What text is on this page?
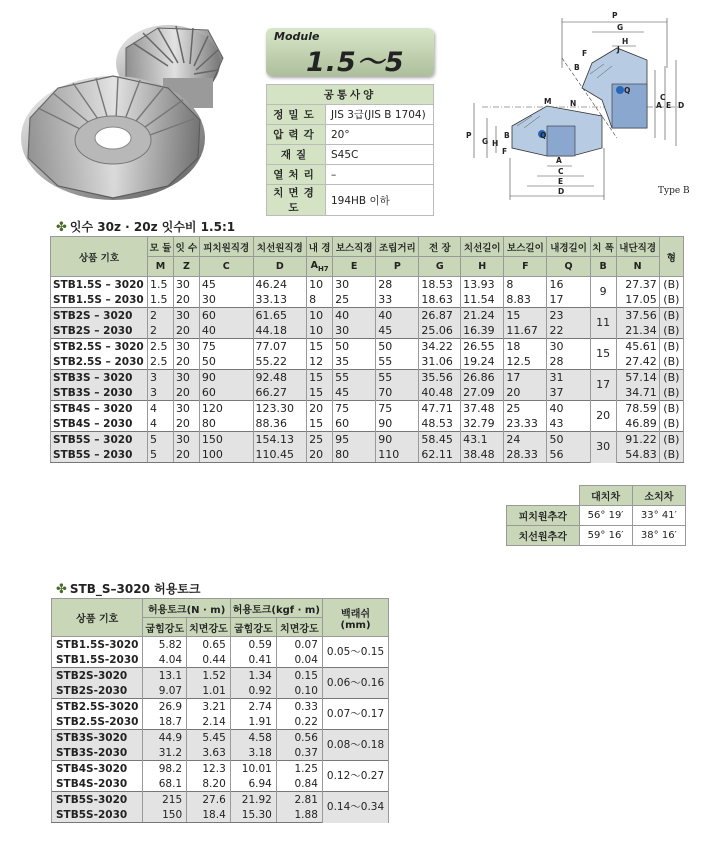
Module
1.5～5
공통사양	
정밀도	JIS 3급(JIS B 1704)
압력각	20°
재질	S45C
열처리	–
치면경도	194HB 이하
P
G
H
J
F
B
Q
N
M	A E D
C
P
G H
F
B	Q
A
C
E
D	Type B
✤ 잇수 30z · 20z 잇수비 1.5:1
상품 기호	모 듈	잇 수	피치원직경	치선원직경	내 경	보스직경	조립거리	전 장	치선길이	보스길이	내경길이	치 폭	내단직경	형
	M	Z	C	D	$A_{H7}$	E	P	G	H	F	Q	B	N	
STB1.5S – 3020	1.5	30	45	46.24	10	30	28	18.53	13.93	8	16	9	27.37	(B)
STB1.5S – 2030	1.5	20	30	33.13	8	25	33	18.63	11.54	8.83	17		17.05	(B)
STB2S – 3020	2	30	60	61.65	10	40	40	26.87	21.24	15	23	11	37.56	(B)
STB2S – 2030	2	20	40	44.18	10	30	45	25.06	16.39	11.67	22		21.34	(B)
STB2.5S – 3020	2.5	30	75	77.07	15	50	50	34.22	26.55	18	30	15	45.61	(B)
STB2.5S – 2030	2.5	20	50	55.22	12	35	55	31.06	19.24	12.5	28		27.42	(B)
STB3S – 3020	3	30	90	92.48	15	55	55	35.56	26.86	17	31	17	57.14	(B)
STB3S – 2030	3	20	60	66.27	15	45	70	40.48	27.09	20	37		34.71	(B)
STB4S – 3020	4	30	120	123.30	20	75	75	47.71	37.48	25	40	20	78.59	(B)
STB4S – 2030	4	20	80	88.36	15	60	90	48.53	32.79	23.33	43		46.89	(B)
STB5S – 3020	5	30	150	154.13	25	95	90	58.45	43.1	24	50	30	91.22	(B)
STB5S – 2030	5	20	100	110.45	20	80	110	62.11	38.48	28.33	56		54.83	(B)
	대치차	소치차
피치원추각	56° 19′	33° 41′
치선원추각	59° 16′	38° 16′
✤ STB_S–3020 허용토크
상품 기호	허용토크(N · m)		허용토크(kgf · m)		백래쉬 (mm)
	굽힘강도	치면강도	굽힘강도	치면강도	
STB1.5S-3020	5.82	0.65	0.59	0.07	0.05～0.15
STB1.5S-2030	4.04	0.44	0.41	0.04	
STB2S-3020	13.1	1.52	1.34	0.15	0.06～0.16
STB2S-2030	9.07	1.01	0.92	0.10	
STB2.5S-3020	26.9	3.21	2.74	0.33	0.07～0.17
STB2.5S-2030	18.7	2.14	1.91	0.22	
STB3S-3020	44.9	5.45	4.58	0.56	0.08～0.18
STB3S-2030	31.2	3.63	3.18	0.37	
STB4S-3020	98.2	12.3	10.01	1.25	0.12～0.27
STB4S-2030	68.1	8.20	6.94	0.84	
STB5S-3020	215	27.6	21.92	2.81	0.14～0.34
STB5S-2030	150	18.4	15.30	1.88	
